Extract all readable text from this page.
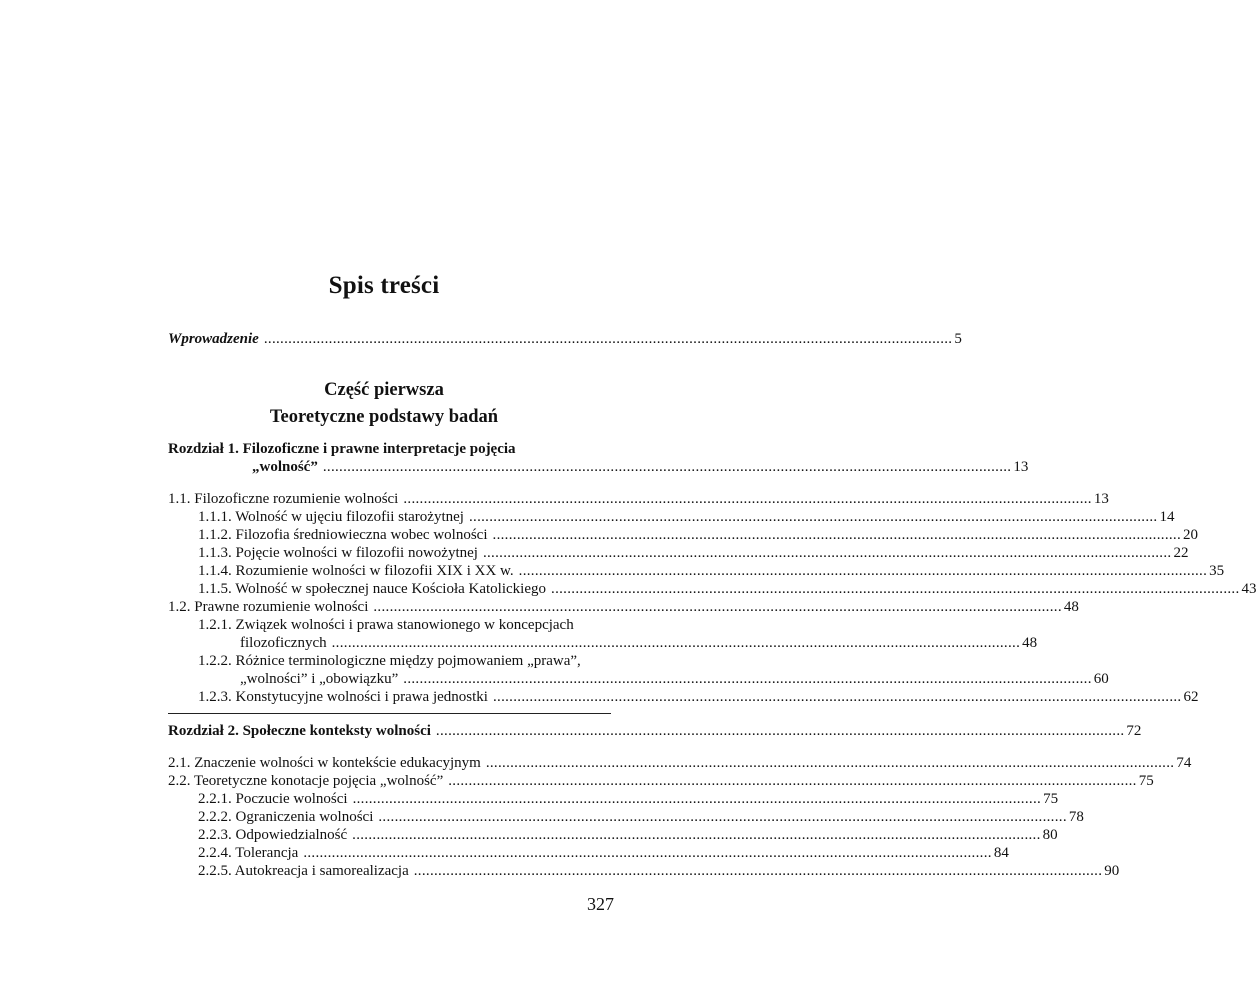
Spis treści
Wprowadzenie .......................................................................................................................................................................... 5
Część pierwsza
Teoretyczne podstawy badań
Rozdział 1. Filozoficzne i prawne interpretacje pojęcia
„wolność” .......................................................................................................................................................................... 13
1.1. Filozoficzne rozumienie wolności .......................................................................................................................................................................... 13
1.1.1. Wolność w ujęciu filozofii starożytnej .......................................................................................................................................................................... 14
1.1.2. Filozofia średniowieczna wobec wolności .......................................................................................................................................................................... 20
1.1.3. Pojęcie wolności w filozofii nowożytnej .......................................................................................................................................................................... 22
1.1.4. Rozumienie wolności w filozofii XIX i XX w. .......................................................................................................................................................................... 35
1.1.5. Wolność w społecznej nauce Kościoła Katolickiego .......................................................................................................................................................................... 43
1.2. Prawne rozumienie wolności .......................................................................................................................................................................... 48
1.2.1. Związek wolności i prawa stanowionego w koncepcjach
filozoficznych .......................................................................................................................................................................... 48
1.2.2. Różnice terminologiczne między pojmowaniem „prawa”,
„wolności” i „obowiązku” .......................................................................................................................................................................... 60
1.2.3. Konstytucyjne wolności i prawa jednostki .......................................................................................................................................................................... 62
Rozdział 2. Społeczne konteksty wolności .......................................................................................................................................................................... 72
2.1. Znaczenie wolności w kontekście edukacyjnym .......................................................................................................................................................................... 74
2.2. Teoretyczne konotacje pojęcia „wolność” .......................................................................................................................................................................... 75
2.2.1. Poczucie wolności .......................................................................................................................................................................... 75
2.2.2. Ograniczenia wolności .......................................................................................................................................................................... 78
2.2.3. Odpowiedzialność .......................................................................................................................................................................... 80
2.2.4. Tolerancja .......................................................................................................................................................................... 84
2.2.5. Autokreacja i samorealizacja .......................................................................................................................................................................... 90
327
